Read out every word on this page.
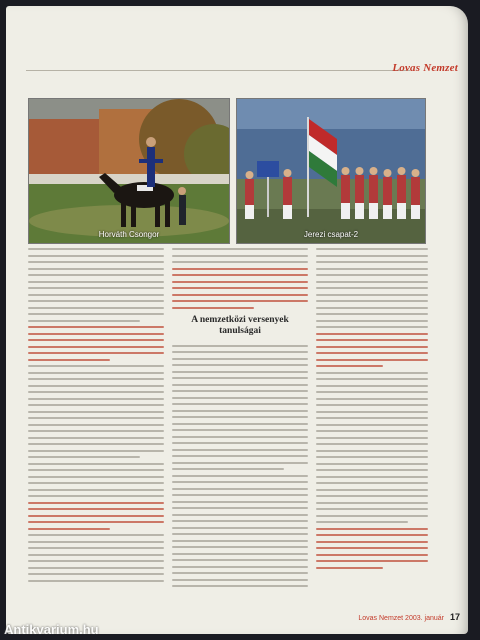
Lovas Nemzet
Horváth Csongor	Jerezi csapat-2
A nemzetközi versenyek tanulságai
Lovas Nemzet 2003. január 17
Antikvarium.hu
